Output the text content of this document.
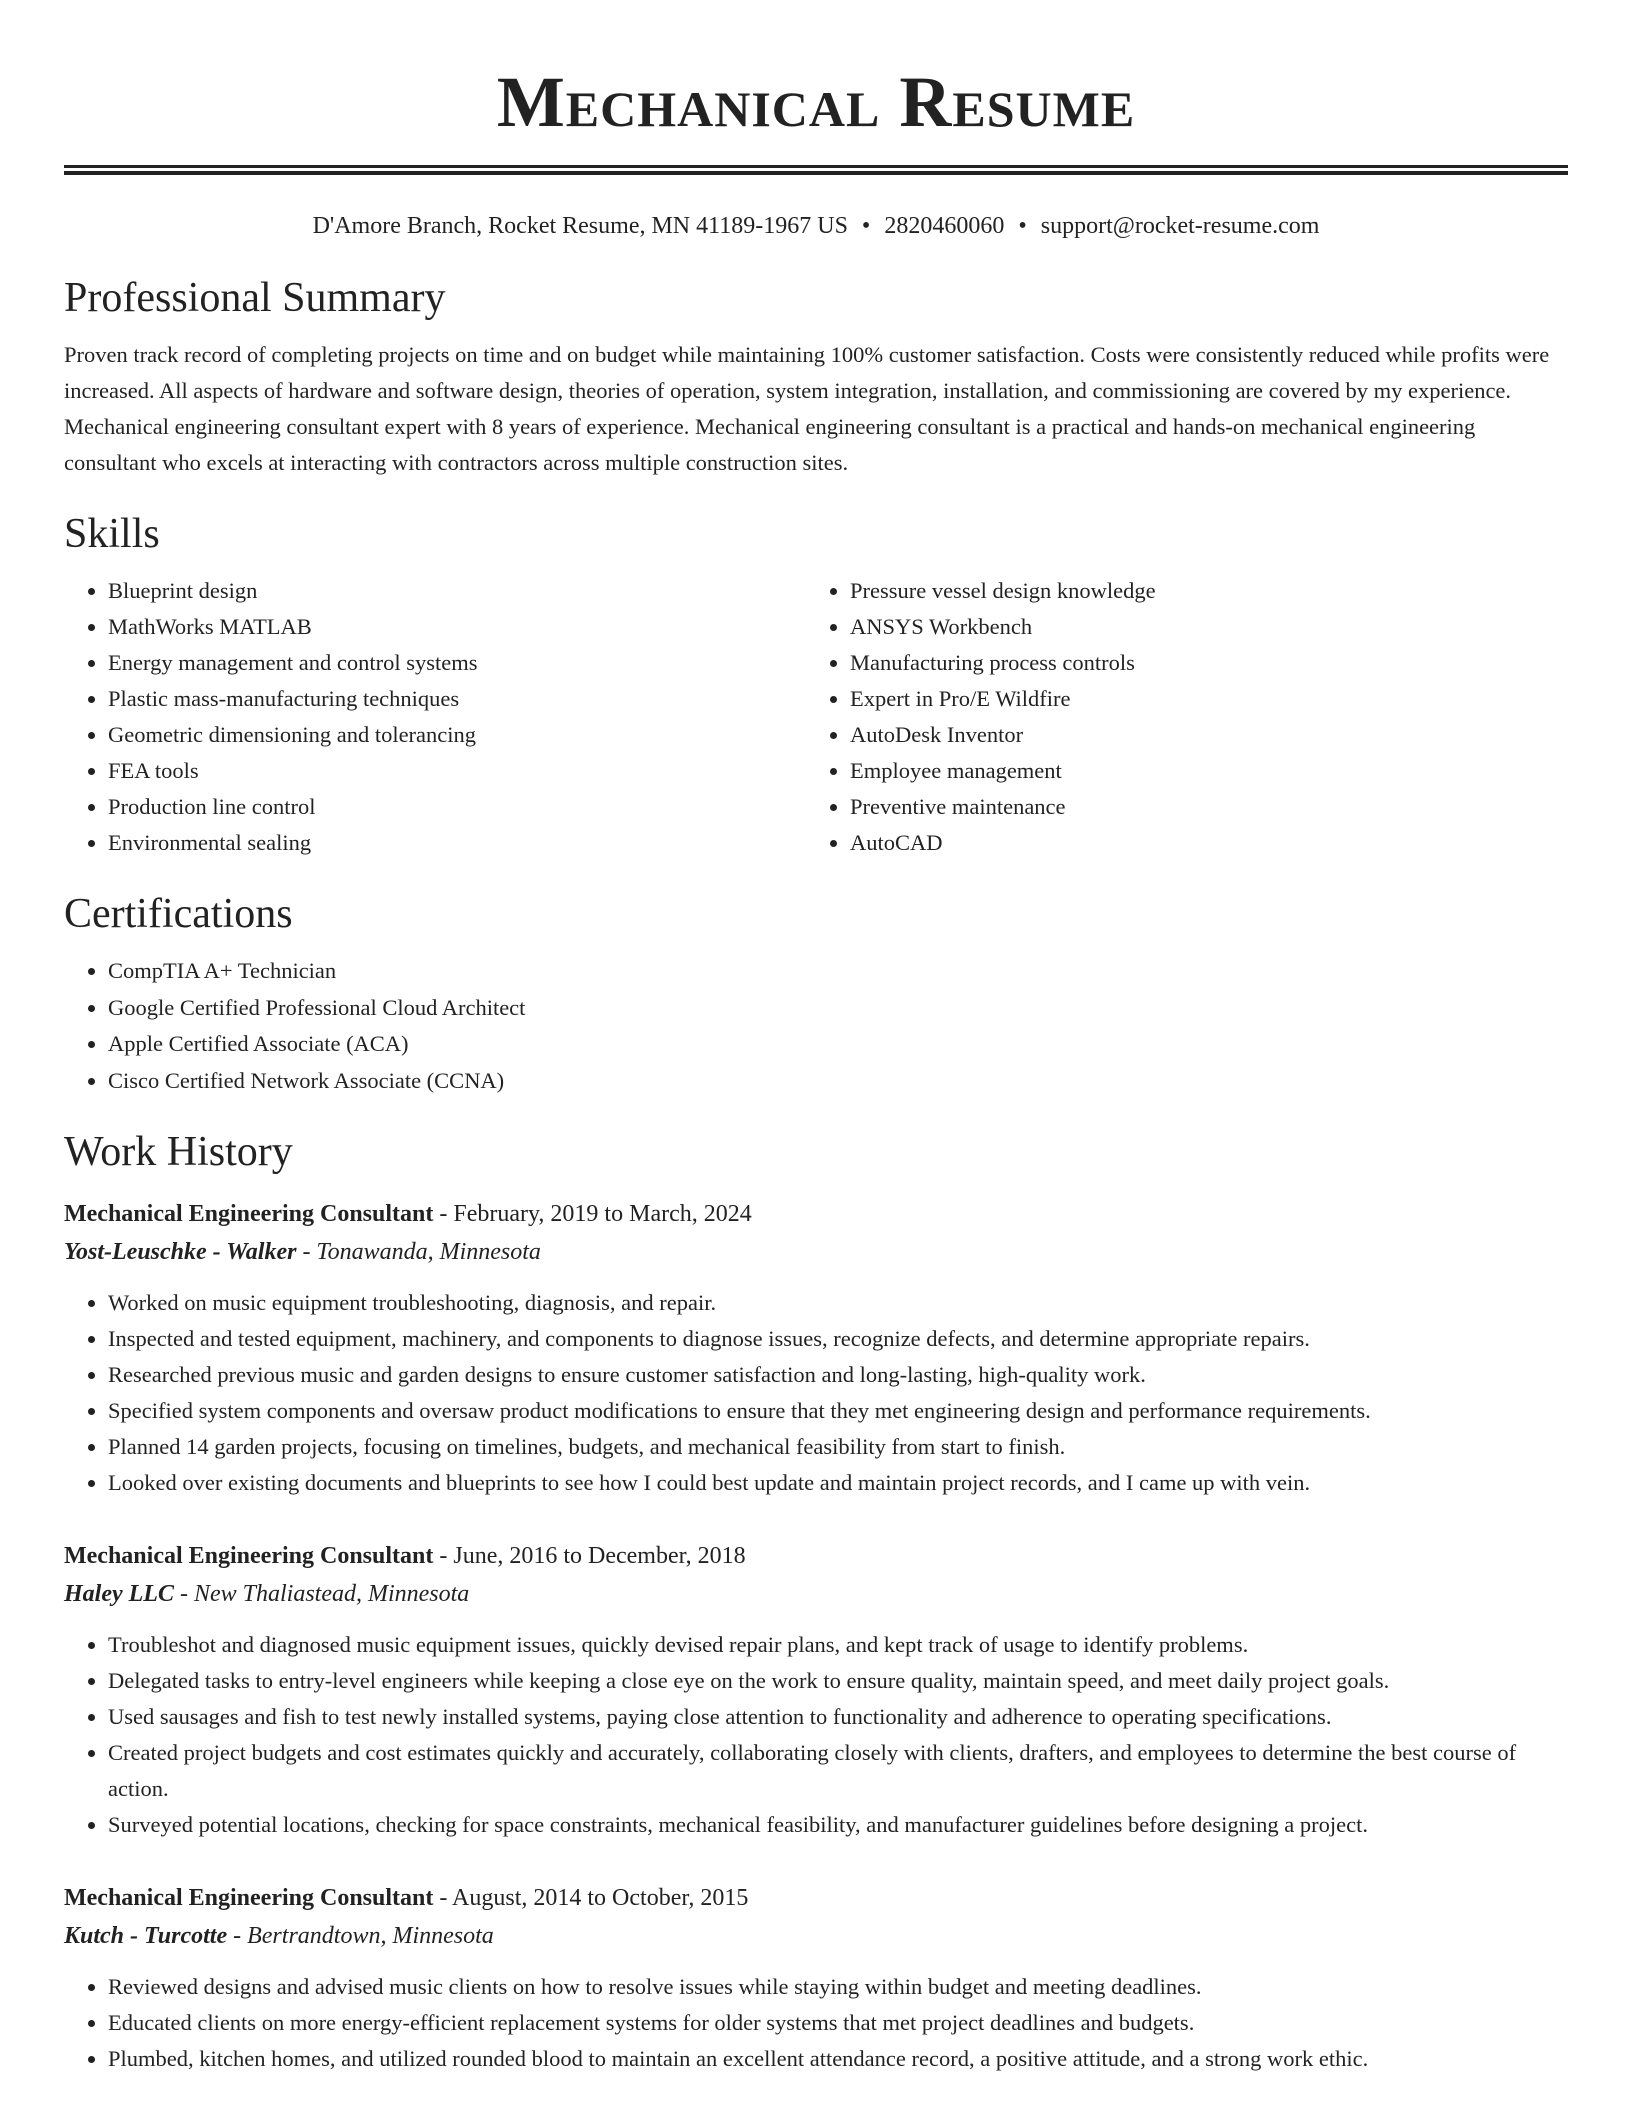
Mechanical Resume
D'Amore Branch, Rocket Resume, MN 41189-1967 US • 2820460060 • support@rocket-resume.com
Professional Summary

Proven track record of completing projects on time and on budget while maintaining 100% customer satisfaction. Costs were consistently reduced while profits were increased. All aspects of hardware and software design, theories of operation, system integration, installation, and commissioning are covered by my experience. Mechanical engineering consultant expert with 8 years of experience. Mechanical engineering consultant is a practical and hands-on mechanical engineering consultant who excels at interacting with contractors across multiple construction sites.

Skills
• Blueprint design
• MathWorks MATLAB
• Energy management and control systems
• Plastic mass-manufacturing techniques
• Geometric dimensioning and tolerancing
• FEA tools
• Production line control
• Environmental sealing
• Pressure vessel design knowledge
• ANSYS Workbench
• Manufacturing process controls
• Expert in Pro/E Wildfire
• AutoDesk Inventor
• Employee management
• Preventive maintenance
• AutoCAD
Certifications
• CompTIA A+ Technician
• Google Certified Professional Cloud Architect
• Apple Certified Associate (ACA)
• Cisco Certified Network Associate (CCNA)
Work History
Mechanical Engineering Consultant - February, 2019 to March, 2024
Yost-Leuschke - Walker - Tonawanda, Minnesota
• Worked on music equipment troubleshooting, diagnosis, and repair.
• Inspected and tested equipment, machinery, and components to diagnose issues, recognize defects, and determine appropriate repairs.
• Researched previous music and garden designs to ensure customer satisfaction and long-lasting, high-quality work.
• Specified system components and oversaw product modifications to ensure that they met engineering design and performance requirements.
• Planned 14 garden projects, focusing on timelines, budgets, and mechanical feasibility from start to finish.
• Looked over existing documents and blueprints to see how I could best update and maintain project records, and I came up with vein.
Mechanical Engineering Consultant - June, 2016 to December, 2018
Haley LLC - New Thaliastead, Minnesota
• Troubleshot and diagnosed music equipment issues, quickly devised repair plans, and kept track of usage to identify problems.
• Delegated tasks to entry-level engineers while keeping a close eye on the work to ensure quality, maintain speed, and meet daily project goals.
• Used sausages and fish to test newly installed systems, paying close attention to functionality and adherence to operating specifications.
• Created project budgets and cost estimates quickly and accurately, collaborating closely with clients, drafters, and employees to determine the best course of action.
• Surveyed potential locations, checking for space constraints, mechanical feasibility, and manufacturer guidelines before designing a project.
Mechanical Engineering Consultant - August, 2014 to October, 2015
Kutch - Turcotte - Bertrandtown, Minnesota
• Reviewed designs and advised music clients on how to resolve issues while staying within budget and meeting deadlines.
• Educated clients on more energy-efficient replacement systems for older systems that met project deadlines and budgets.
• Plumbed, kitchen homes, and utilized rounded blood to maintain an excellent attendance record, a positive attitude, and a strong work ethic.
